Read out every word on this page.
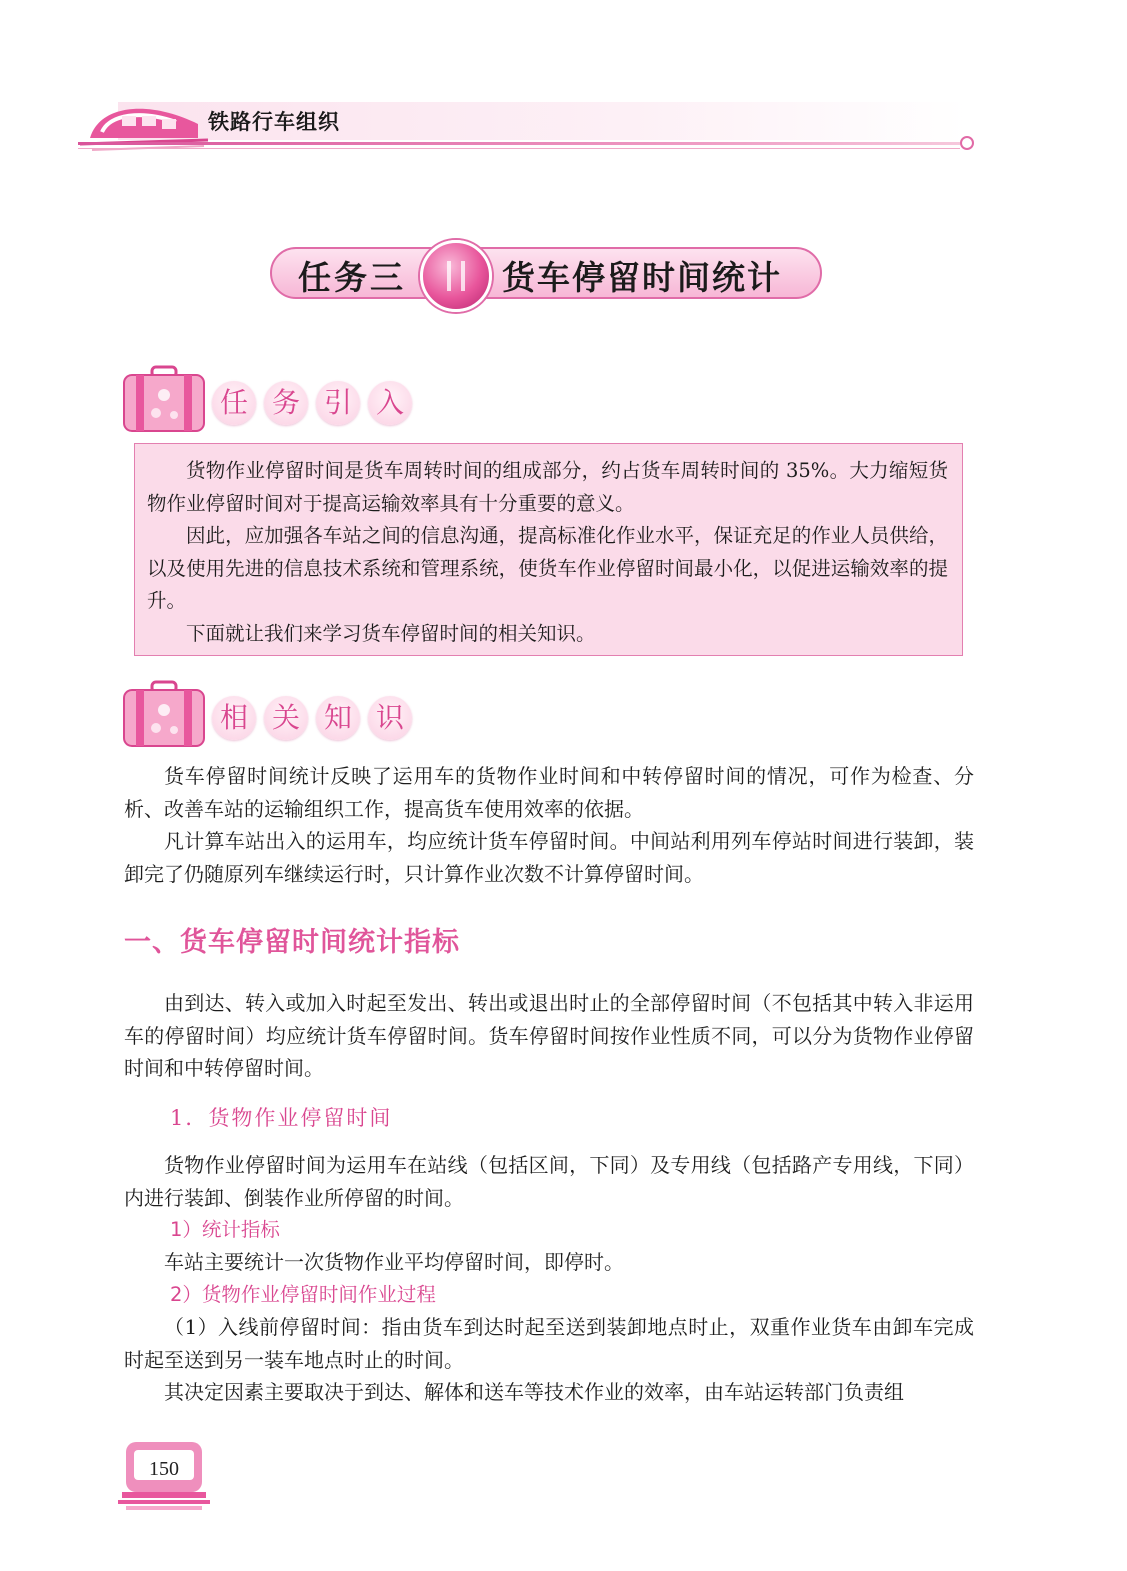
铁路行车组织
任务三	货车停留时间统计
任 务 引 入

货物作业停留时间是货车周转时间的组成部分，约占货车周转时间的 35%。大力缩短货物作业停留时间对于提高运输效率具有十分重要的意义。

因此，应加强各车站之间的信息沟通，提高标准化作业水平，保证充足的作业人员供给，以及使用先进的信息技术系统和管理系统，使货车作业停留时间最小化，以促进运输效率的提升。

下面就让我们来学习货车停留时间的相关知识。

相 关 知 识

货车停留时间统计反映了运用车的货物作业时间和中转停留时间的情况，可作为检查、分析、改善车站的运输组织工作，提高货车使用效率的依据。

凡计算车站出入的运用车，均应统计货车停留时间。中间站利用列车停站时间进行装卸，装卸完了仍随原列车继续运行时，只计算作业次数不计算停留时间。

一、货车停留时间统计指标

由到达、转入或加入时起至发出、转出或退出时止的全部停留时间（不包括其中转入非运用车的停留时间）均应统计货车停留时间。货车停留时间按作业性质不同，可以分为货物作业停留时间和中转停留时间。

1．货物作业停留时间

货物作业停留时间为运用车在站线（包括区间，下同）及专用线（包括路产专用线，下同）内进行装卸、倒装作业所停留的时间。

1）统计指标

车站主要统计一次货物作业平均停留时间，即停时。

2）货物作业停留时间作业过程

（1）入线前停留时间：指由货车到达时起至送到装卸地点时止，双重作业货车由卸车完成时起至送到另一装车地点时止的时间。

其决定因素主要取决于到达、解体和送车等技术作业的效率，由车站运转部门负责组

150
